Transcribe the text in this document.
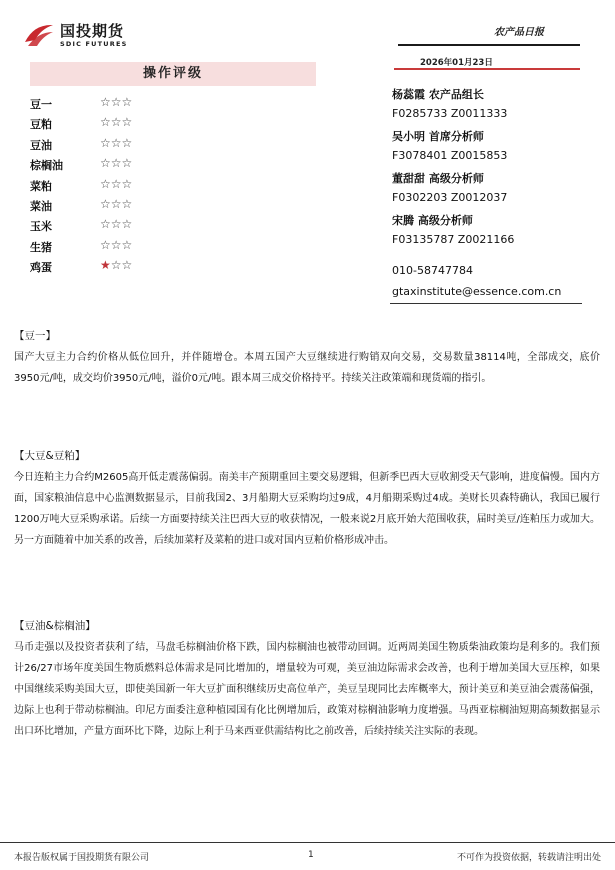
国投期货
SDIC FUTURES
农产品日报
2026年01月23日
操作评级
豆一	☆☆☆
豆粕	☆☆☆
豆油	☆☆☆
棕榈油	☆☆☆
菜粕	☆☆☆
菜油	☆☆☆
玉米	☆☆☆
生猪	☆☆☆
鸡蛋	★☆☆
杨蕊霞 农产品组长
F0285733 Z0011333
吴小明 首席分析师
F3078401 Z0015853
董甜甜 高级分析师
F0302203 Z0012037
宋腾 高级分析师
F03135787 Z0021166
010-58747784
gtaxinstitute@essence.com.cn
【豆一】
国产大豆主力合约价格从低位回升，并伴随增仓。本周五国产大豆继续进行购销双向交易，交易数量38114吨，全部成交，底价3950元/吨，成交均价3950元/吨，溢价0元/吨。跟本周三成交价格持平。持续关注政策端和现货端的指引。
【大豆&豆粕】
今日连粕主力合约M2605高开低走震荡偏弱。南美丰产预期重回主要交易逻辑，但新季巴西大豆收割受天气影响，进度偏慢。国内方面，国家粮油信息中心监测数据显示，目前我国2、3月船期大豆采购均过9成，4月船期采购过4成。美财长贝森特确认，我国已履行1200万吨大豆采购承诺。后续一方面要持续关注巴西大豆的收获情况，一般来说2月底开始大范围收获，届时美豆/连粕压力或加大。另一方面随着中加关系的改善，后续加菜籽及菜粕的进口或对国内豆粕价格形成冲击。
【豆油&棕榈油】
马币走强以及投资者获利了结，马盘毛棕榈油价格下跌，国内棕榈油也被带动回调。近两周美国生物质柴油政策均是利多的。我们预计26/27市场年度美国生物质燃料总体需求是同比增加的，增量较为可观，美豆油边际需求会改善，也利于增加美国大豆压榨，如果中国继续采购美国大豆，即使美国新一年大豆扩面积继续历史高位单产，美豆呈现同比去库概率大，预计美豆和美豆油会震荡偏强，边际上也利于带动棕榈油。印尼方面委注意种植园国有化比例增加后，政策对棕榈油影响力度增强。马西亚棕榈油短期高频数据显示出口环比增加，产量方面环比下降，边际上利于马来西亚供需结构比之前改善，后续持续关注实际的表现。
本报告版权属于国投期货有限公司	1	不可作为投资依据，转载请注明出处
